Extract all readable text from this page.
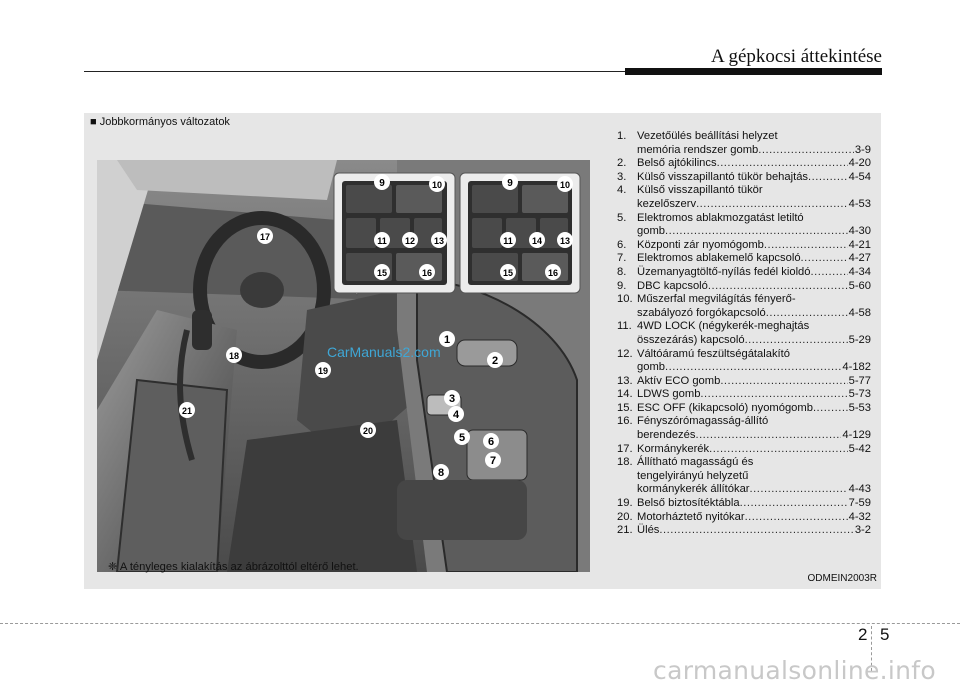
A gépkocsi áttekintése
■ Jobbkormányos változatok
9	10
11 12 13
15	16
9	10
11 14 13
15	16
1
2
3
4
5 6
7
8
17
18
19
20
21
CarManuals2.com
1. Vezetőülés beállítási helyzet
memória rendszer gomb .....	3-9
2. Belső ajtókilincs .....	4-20
3. Külső visszapillantó tükör behajtás .....	4-54
4. Külső visszapillantó tükör
kezelőszerv .....	4-53
5. Elektromos ablakmozgatást letiltó
gomb .....	4-30
6. Központi zár nyomógomb .....	4-21
7. Elektromos ablakemelő kapcsoló .....	4-27
8. Üzemanyagtöltő-nyílás fedél kioldó .....	4-34
9. DBC kapcsoló .....	5-60
10. Műszerfal megvilágítás fényerő-
szabályozó forgókapcsoló .....	4-58
11. 4WD LOCK (négykerék-meghajtás
összezárás) kapcsoló .....	5-29
12. Váltóáramú feszültségátalakító
gomb .....	4-182
13. Aktív ECO gomb .....	5-77
14. LDWS gomb .....	5-73
15. ESC OFF (kikapcsoló) nyomógomb .....	5-53
16. Fényszórómagasság-állító
berendezés .....	4-129
17. Kormánykerék .....	5-42
18. Állítható magasságú és
tengelyirányú helyzetű
kormánykerék állítókar .....	4-43
19. Belső biztosítéktábla .....	7-59
20. Motorháztető nyitókar .....	4-32
21. Ülés .....	3-2
❈ A tényleges kialakítás az ábrázolttól eltérő lehet.
ODMEIN2003R
2 5
carmanualsonline.info
